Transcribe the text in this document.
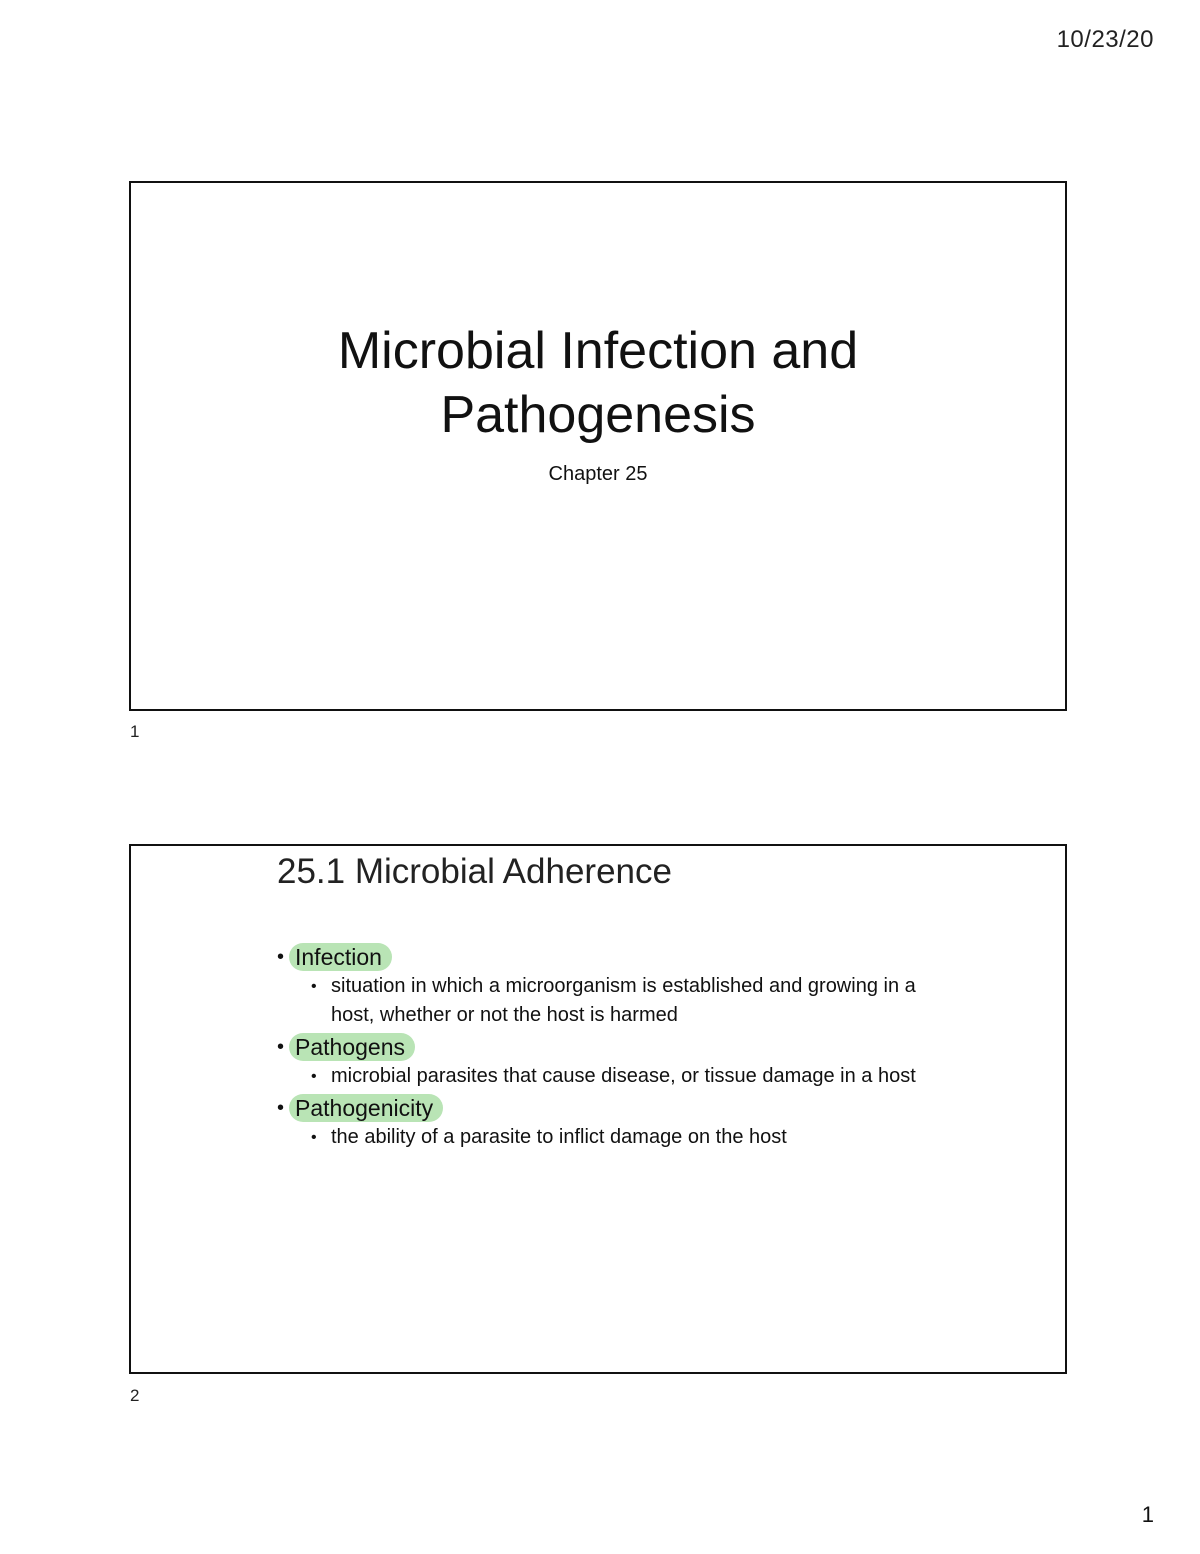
10/23/20
Microbial Infection and
Pathogenesis
Chapter 25
1
25.1 Microbial Adherence
• Infection
• situation in which a microorganism is established and growing in a host, whether or not the host is harmed
• Pathogens
• microbial parasites that cause disease, or tissue damage in a host
• Pathogenicity
• the ability of a parasite to inflict damage on the host
2
1
